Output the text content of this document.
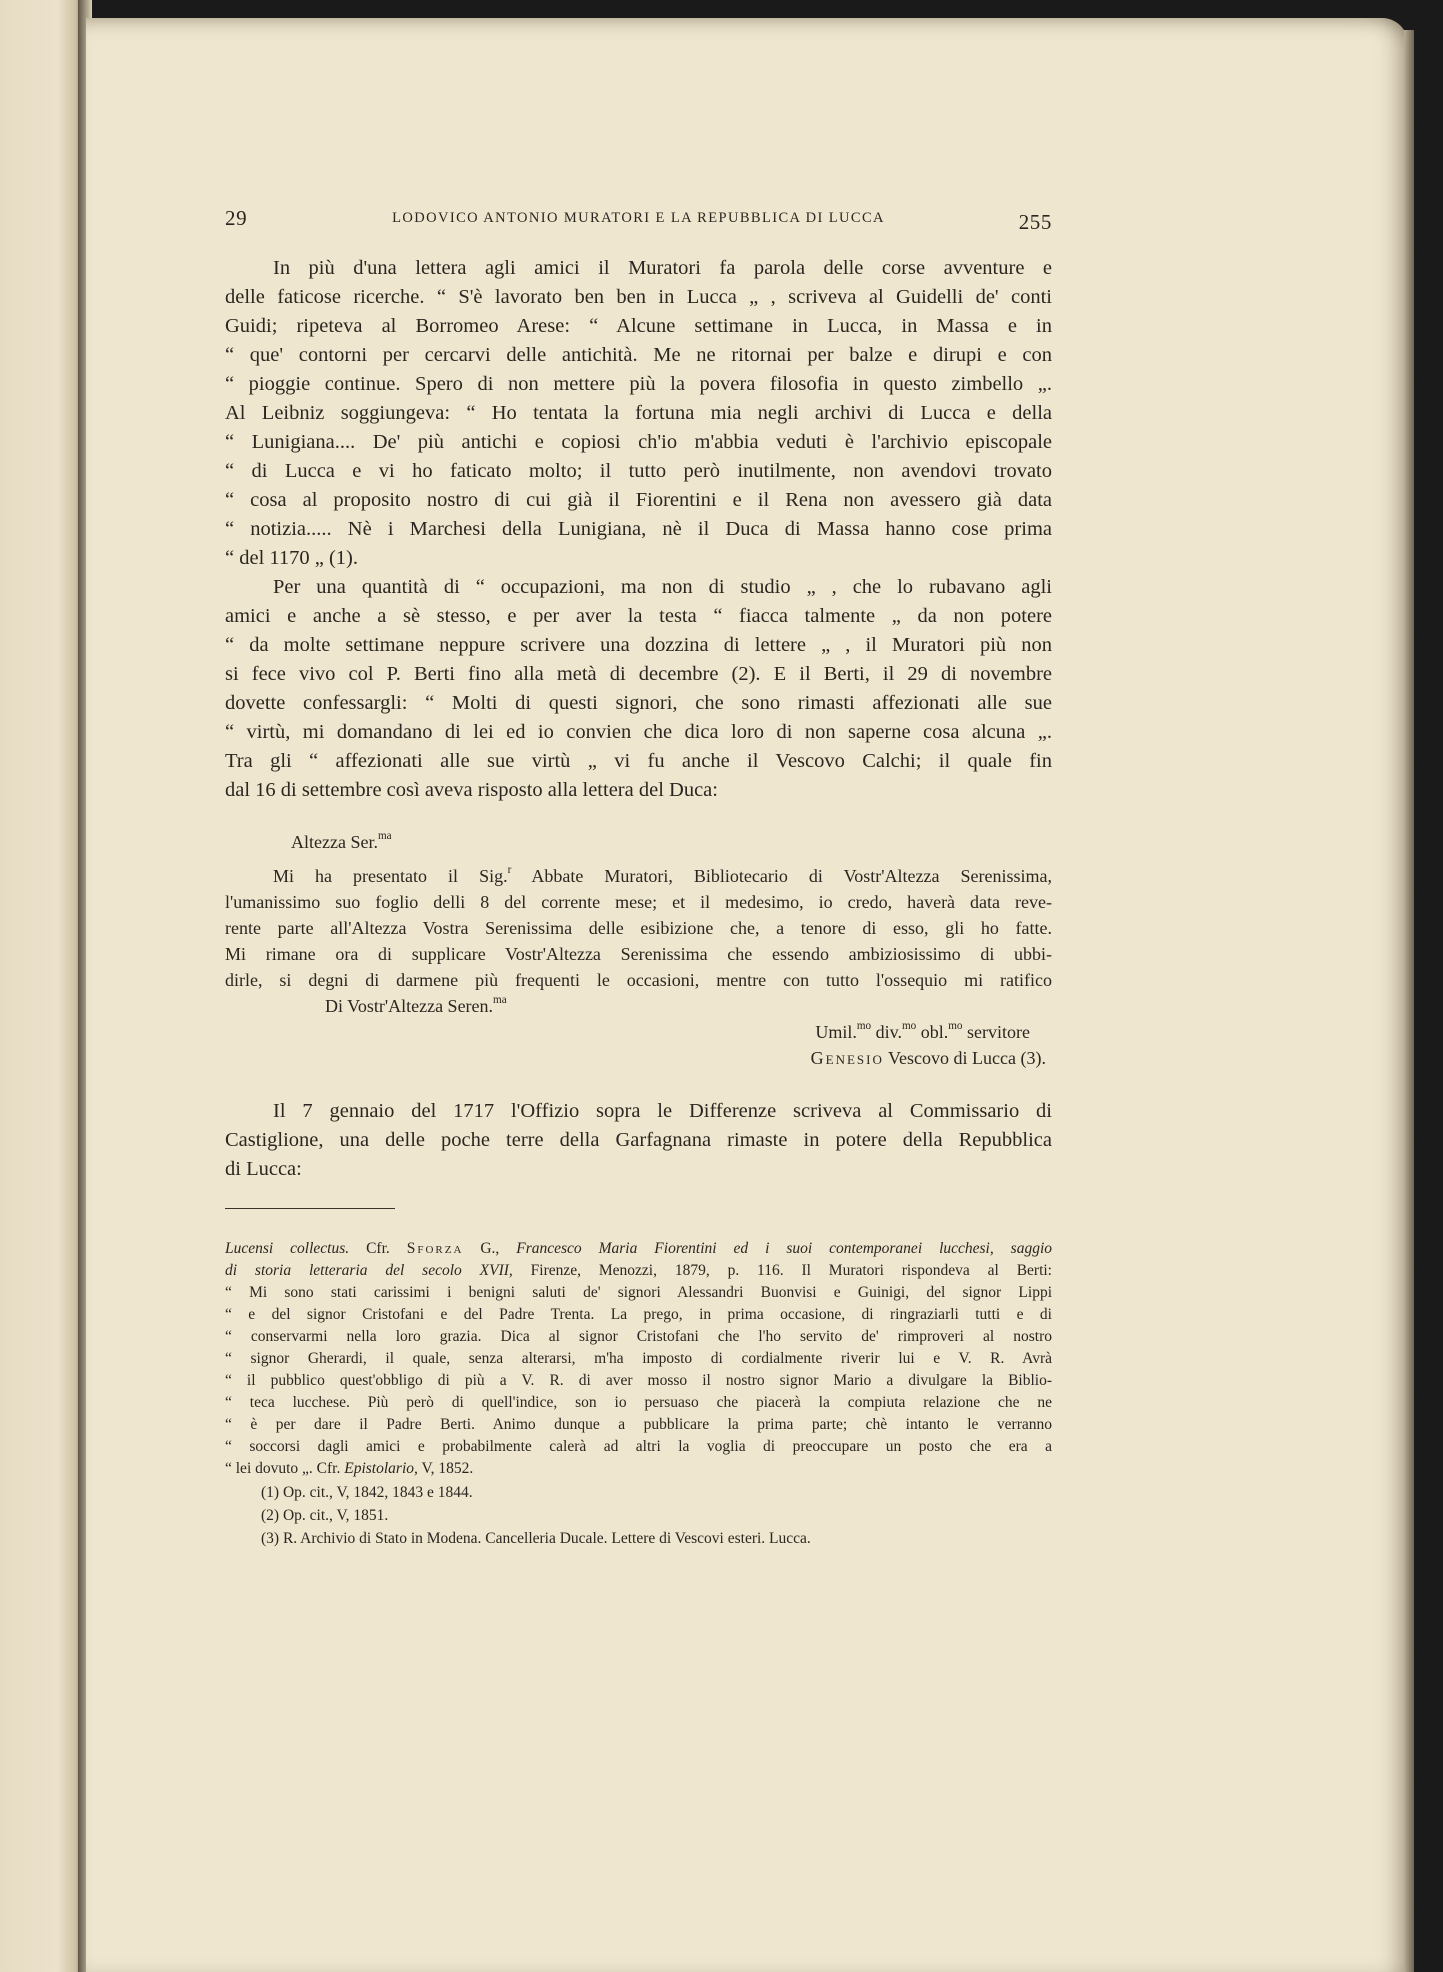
29	LODOVICO ANTONIO MURATORI E LA REPUBBLICA DI LUCCA	255
In più d'una lettera agli amici il Muratori fa parola delle corse avventure e
delle faticose ricerche. “ S'è lavorato ben ben in Lucca „ , scriveva al Guidelli de' conti
Guidi; ripeteva al Borromeo Arese: “ Alcune settimane in Lucca, in Massa e in
“ que' contorni per cercarvi delle antichità. Me ne ritornai per balze e dirupi e con
“ pioggie continue. Spero di non mettere più la povera filosofia in questo zimbello „.
Al Leibniz soggiungeva: “ Ho tentata la fortuna mia negli archivi di Lucca e della
“ Lunigiana.... De' più antichi e copiosi ch'io m'abbia veduti è l'archivio episcopale
“ di Lucca e vi ho faticato molto; il tutto però inutilmente, non avendovi trovato
“ cosa al proposito nostro di cui già il Fiorentini e il Rena non avessero già data
“ notizia..... Nè i Marchesi della Lunigiana, nè il Duca di Massa hanno cose prima
“ del 1170 „ (1).
Per una quantità di “ occupazioni, ma non di studio „ , che lo rubavano agli
amici e anche a sè stesso, e per aver la testa “ fiacca talmente „ da non potere
“ da molte settimane neppure scrivere una dozzina di lettere „ , il Muratori più non
si fece vivo col P. Berti fino alla metà di decembre (2). E il Berti, il 29 di novembre
dovette confessargli: “ Molti di questi signori, che sono rimasti affezionati alle sue
“ virtù, mi domandano di lei ed io convien che dica loro di non saperne cosa alcuna „.
Tra gli “ affezionati alle sue virtù „ vi fu anche il Vescovo Calchi; il quale fin
dal 16 di settembre così aveva risposto alla lettera del Duca:
Altezza Ser.$^{ma}$
Mi ha presentato il Sig.$^r$ Abbate Muratori, Bibliotecario di Vostr'Altezza Serenissima,
l'umanissimo suo foglio delli 8 del corrente mese; et il medesimo, io credo, haverà data reve-
rente parte all'Altezza Vostra Serenissima delle esibizione che, a tenore di esso, gli ho fatte.
Mi rimane ora di supplicare Vostr'Altezza Serenissima che essendo ambiziosissimo di ubbi-
dirle, si degni di darmene più frequenti le occasioni, mentre con tutto l'ossequio mi ratifico
Di Vostr'Altezza Seren.$^{ma}$
Umil.$^{mo}$ div.$^{mo}$ obl.$^{mo}$ servitore
Genesio Vescovo di Lucca (3).
Il 7 gennaio del 1717 l'Offizio sopra le Differenze scriveva al Commissario di
Castiglione, una delle poche terre della Garfagnana rimaste in potere della Repubblica
di Lucca:
Lucensi collectus. Cfr. Sforza G., Francesco Maria Fiorentini ed i suoi contemporanei lucchesi, saggio
di storia letteraria del secolo XVII, Firenze, Menozzi, 1879, p. 116. Il Muratori rispondeva al Berti:
“ Mi sono stati carissimi i benigni saluti de' signori Alessandri Buonvisi e Guinigi, del signor Lippi
“ e del signor Cristofani e del Padre Trenta. La prego, in prima occasione, di ringraziarli tutti e di
“ conservarmi nella loro grazia. Dica al signor Cristofani che l'ho servito de' rimproveri al nostro
“ signor Gherardi, il quale, senza alterarsi, m'ha imposto di cordialmente riverir lui e V. R. Avrà
“ il pubblico quest'obbligo di più a V. R. di aver mosso il nostro signor Mario a divulgare la Biblio-
“ teca lucchese. Più però di quell'indice, son io persuaso che piacerà la compiuta relazione che ne
“ è per dare il Padre Berti. Animo dunque a pubblicare la prima parte; chè intanto le verranno
“ soccorsi dagli amici e probabilmente calerà ad altri la voglia di preoccupare un posto che era a
“ lei dovuto „. Cfr. Epistolario, V, 1852.
(1) Op. cit., V, 1842, 1843 e 1844.
(2) Op. cit., V, 1851.
(3) R. Archivio di Stato in Modena. Cancelleria Ducale. Lettere di Vescovi esteri. Lucca.
